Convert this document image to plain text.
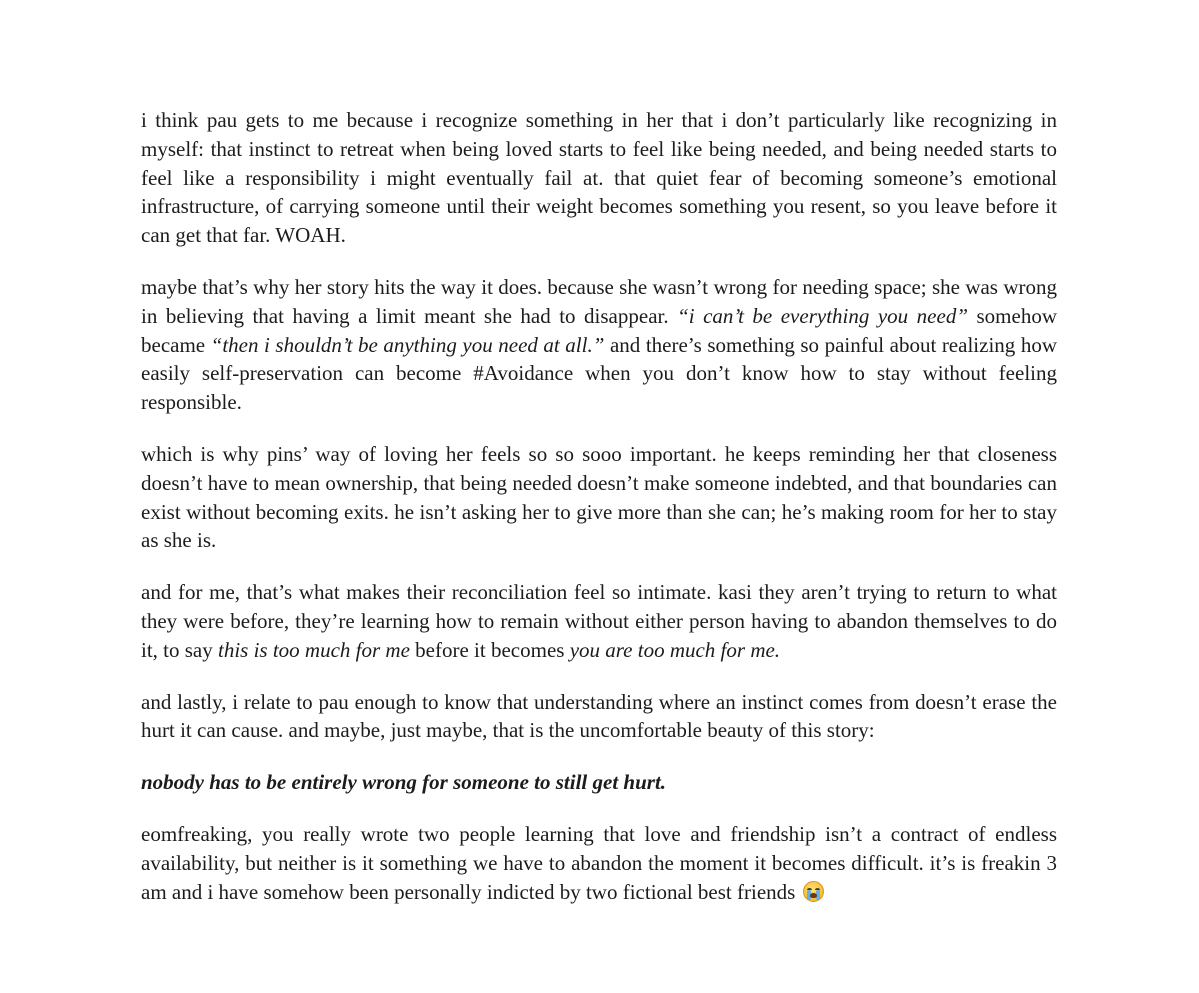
i think pau gets to me because i recognize something in her that i don’t particularly like recognizing in myself: that instinct to retreat when being loved starts to feel like being needed, and being needed starts to feel like a responsibility i might eventually fail at. that quiet fear of becoming someone’s emotional infrastructure, of carrying someone until their weight becomes something you resent, so you leave before it can get that far. WOAH.

maybe that’s why her story hits the way it does. because she wasn’t wrong for needing space; she was wrong in believing that having a limit meant she had to disappear. “i can’t be everything you need” somehow became “then i shouldn’t be anything you need at all.” and there’s something so painful about realizing how easily self-preservation can become #Avoidance when you don’t know how to stay without feeling responsible.

which is why pins’ way of loving her feels so so sooo important. he keeps reminding her that closeness doesn’t have to mean ownership, that being needed doesn’t make someone indebted, and that boundaries can exist without becoming exits. he isn’t asking her to give more than she can; he’s making room for her to stay as she is.

and for me, that’s what makes their reconciliation feel so intimate. kasi they aren’t trying to return to what they were before, they’re learning how to remain without either person having to abandon themselves to do it, to say this is too much for me before it becomes you are too much for me.

and lastly, i relate to pau enough to know that understanding where an instinct comes from doesn’t erase the hurt it can cause. and maybe, just maybe, that is the uncomfortable beauty of this story:

nobody has to be entirely wrong for someone to still get hurt.

eomfreaking, you really wrote two people learning that love and friendship isn’t a contract of endless availability, but neither is it something we have to abandon the moment it becomes difficult. it’s is freakin 3 am and i have somehow been personally indicted by two fictional best friends
